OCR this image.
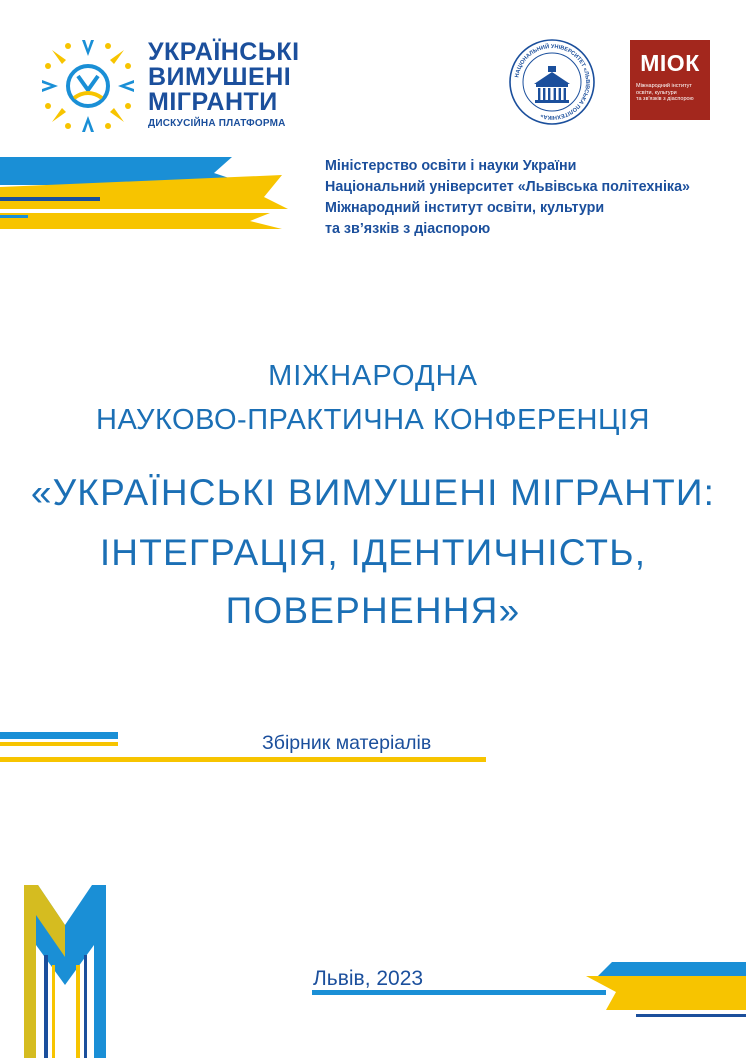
УКРАЇНСЬКІ
ВИМУШЕНІ
МІГРАНТИ
ДИСКУСІЙНА ПЛАТФОРМА
НАЦІОНАЛЬНИЙ УНІВЕРСИТЕТ «ЛЬВІВСЬКА ПОЛІТЕХНІКА»
МІОК
Міжнародний інститут
освіти, культури
та зв'язків з діаспорою
Міністерство освіти і науки України
Національний університет «Львівська політехніка»
Міжнародний інститут освіти, культури
та зв’язків з діаспорою
МІЖНАРОДНА
НАУКОВО-ПРАКТИЧНА КОНФЕРЕНЦІЯ
«УКРАЇНСЬКІ ВИМУШЕНІ МІГРАНТИ:
ІНТЕГРАЦІЯ, ІДЕНТИЧНІСТЬ,
ПОВЕРНЕННЯ»
Збірник матеріалів
Львів, 2023
